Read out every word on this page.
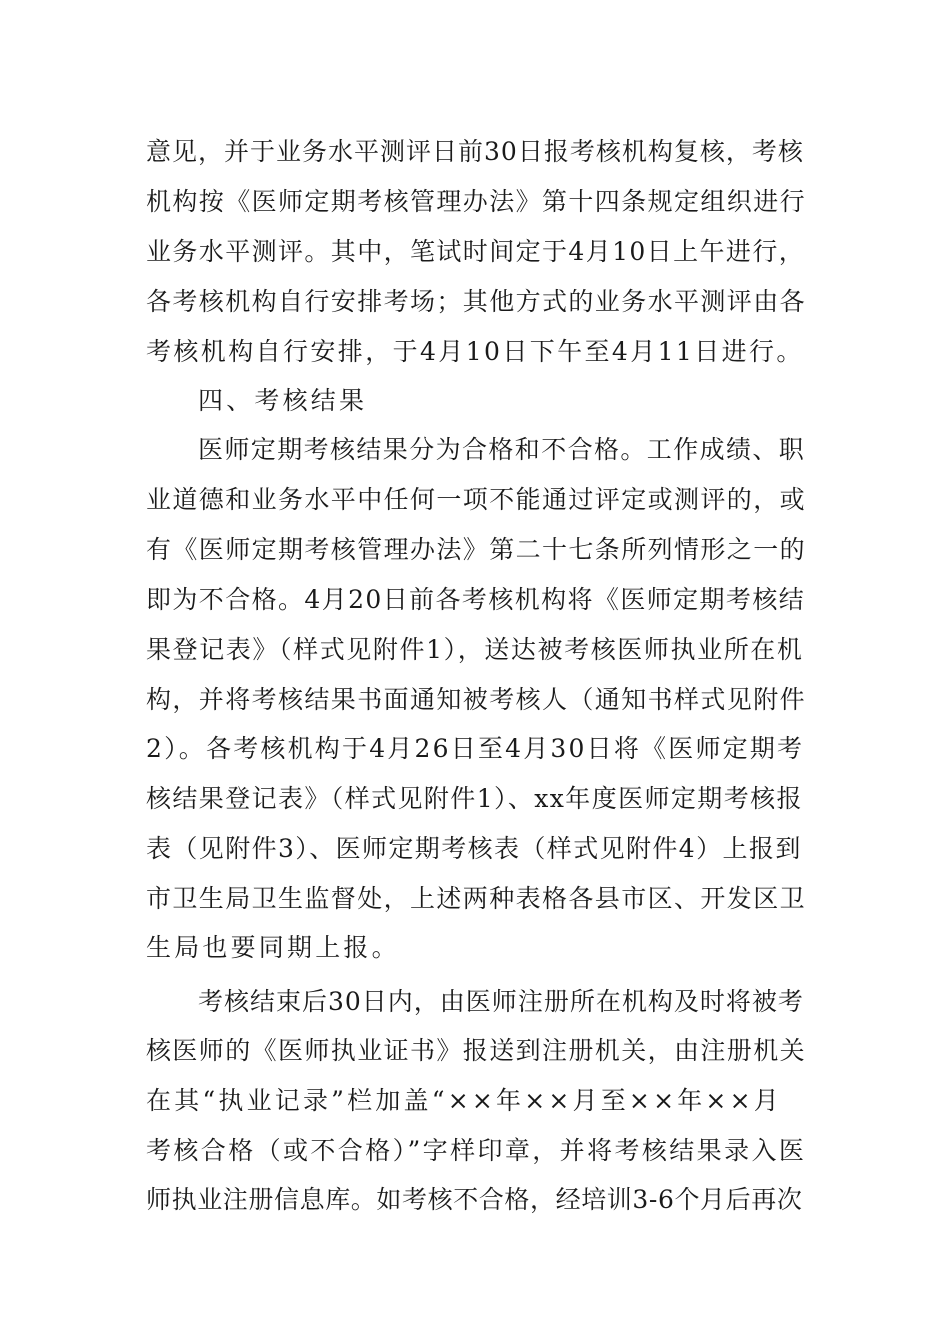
意见，并于业务水平测评日前30日报考核机构复核，考核
机构按《医师定期考核管理办法》第十四条规定组织进行
业务水平测评。其中，笔试时间定于4月10日上午进行，
各考核机构自行安排考场；其他方式的业务水平测评由各
考核机构自行安排，于4月10日下午至4月11日进行。
四、考核结果
医师定期考核结果分为合格和不合格。工作成绩、职
业道德和业务水平中任何一项不能通过评定或测评的，或
有《医师定期考核管理办法》第二十七条所列情形之一的
即为不合格。4月20日前各考核机构将《医师定期考核结
果登记表》（样式见附件1），送达被考核医师执业所在机
构，并将考核结果书面通知被考核人（通知书样式见附件
2）。各考核机构于4月26日至4月30日将《医师定期考
核结果登记表》（样式见附件1）、xx年度医师定期考核报
表（见附件3）、医师定期考核表（样式见附件4）上报到
市卫生局卫生监督处，上述两种表格各县市区、开发区卫
生局也要同期上报。
考核结束后30日内，由医师注册所在机构及时将被考
核医师的《医师执业证书》报送到注册机关，由注册机关
在其“执业记录”栏加盖“××年××月至××年××月
考核合格（或不合格）”字样印章，并将考核结果录入医
师执业注册信息库。如考核不合格，经培训3-6个月后再次
